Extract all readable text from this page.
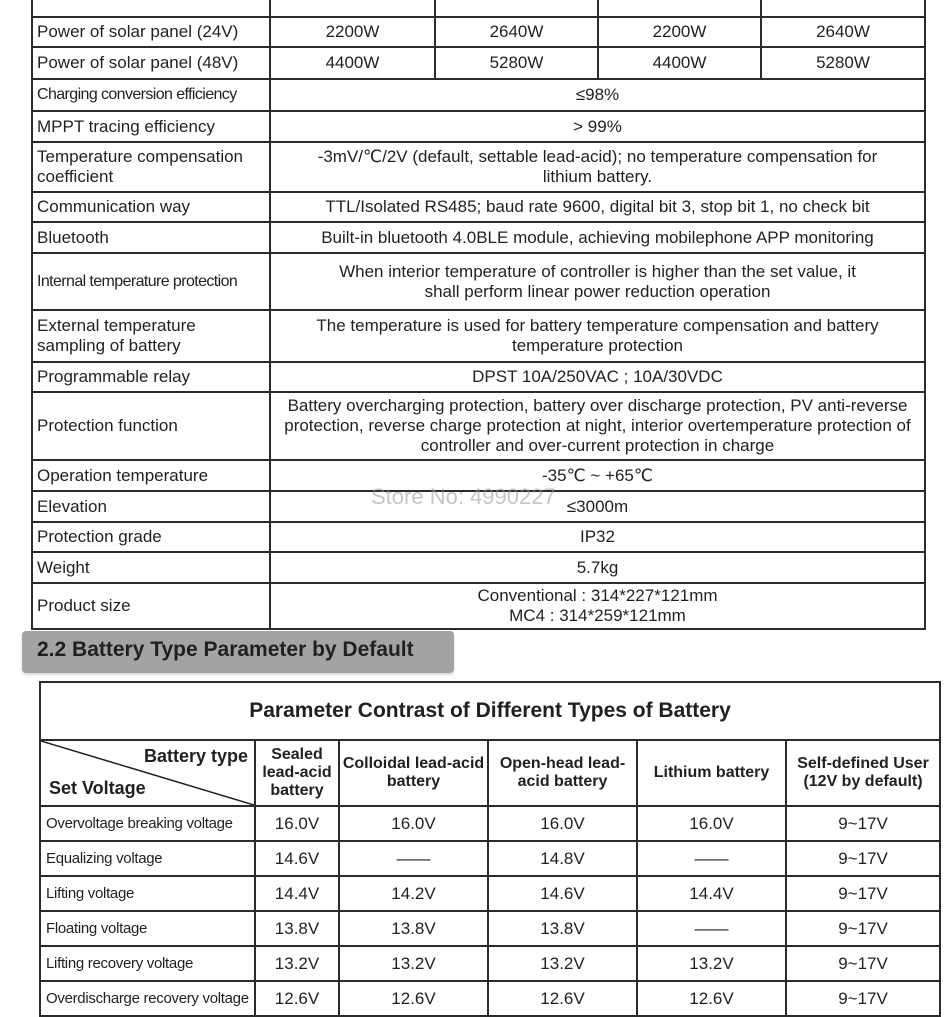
Power of solar panel (24V)	2200W	2640W	2200W	2640W
Power of solar panel (48V)	4400W	5280W	4400W	5280W
Charging conversion efficiency	≤98%			
MPPT tracing efficiency	> 99%			
Temperature compensation coefficient	-3mV/℃/2V (default, settable lead-acid); no temperature compensation for lithium battery.			
Communication way	TTL/Isolated RS485; baud rate 9600, digital bit 3, stop bit 1, no check bit			
Bluetooth	Built-in bluetooth 4.0BLE module, achieving mobilephone APP monitoring			
Internal temperature protection	When interior temperature of controller is higher than the set value, it shall perform linear power reduction operation			
External temperature sampling of battery	The temperature is used for battery temperature compensation and battery temperature protection			
Programmable relay	DPST 10A/250VAC ; 10A/30VDC			
Protection function	Battery overcharging protection, battery over discharge protection, PV anti-reverse protection, reverse charge protection at night, interior overtemperature protection of controller and over-current protection in charge			
Operation temperature	-35℃ ~ +65℃			
Elevation	≤3000m			
Protection grade	IP32			
Weight	5.7kg			
Product size	Conventional : 314*227*121mm
MC4 : 314*259*121mm			
Store No: 4990227
2.2 Battery Type Parameter by Default
Parameter Contrast of Different Types of Battery					

Battery type
Set Voltage	Sealed lead-acid battery	Colloidal lead-acid battery	Open-head lead-acid battery	Lithium battery	Self-defined User (12V by default)
Overvoltage breaking voltage	16.0V	16.0V	16.0V	16.0V	9~17V
Equalizing voltage	14.6V	——	14.8V	——	9~17V
Lifting voltage	14.4V	14.2V	14.6V	14.4V	9~17V
Floating voltage	13.8V	13.8V	13.8V	——	9~17V
Lifting recovery voltage	13.2V	13.2V	13.2V	13.2V	9~17V
Overdischarge recovery voltage	12.6V	12.6V	12.6V	12.6V	9~17V
